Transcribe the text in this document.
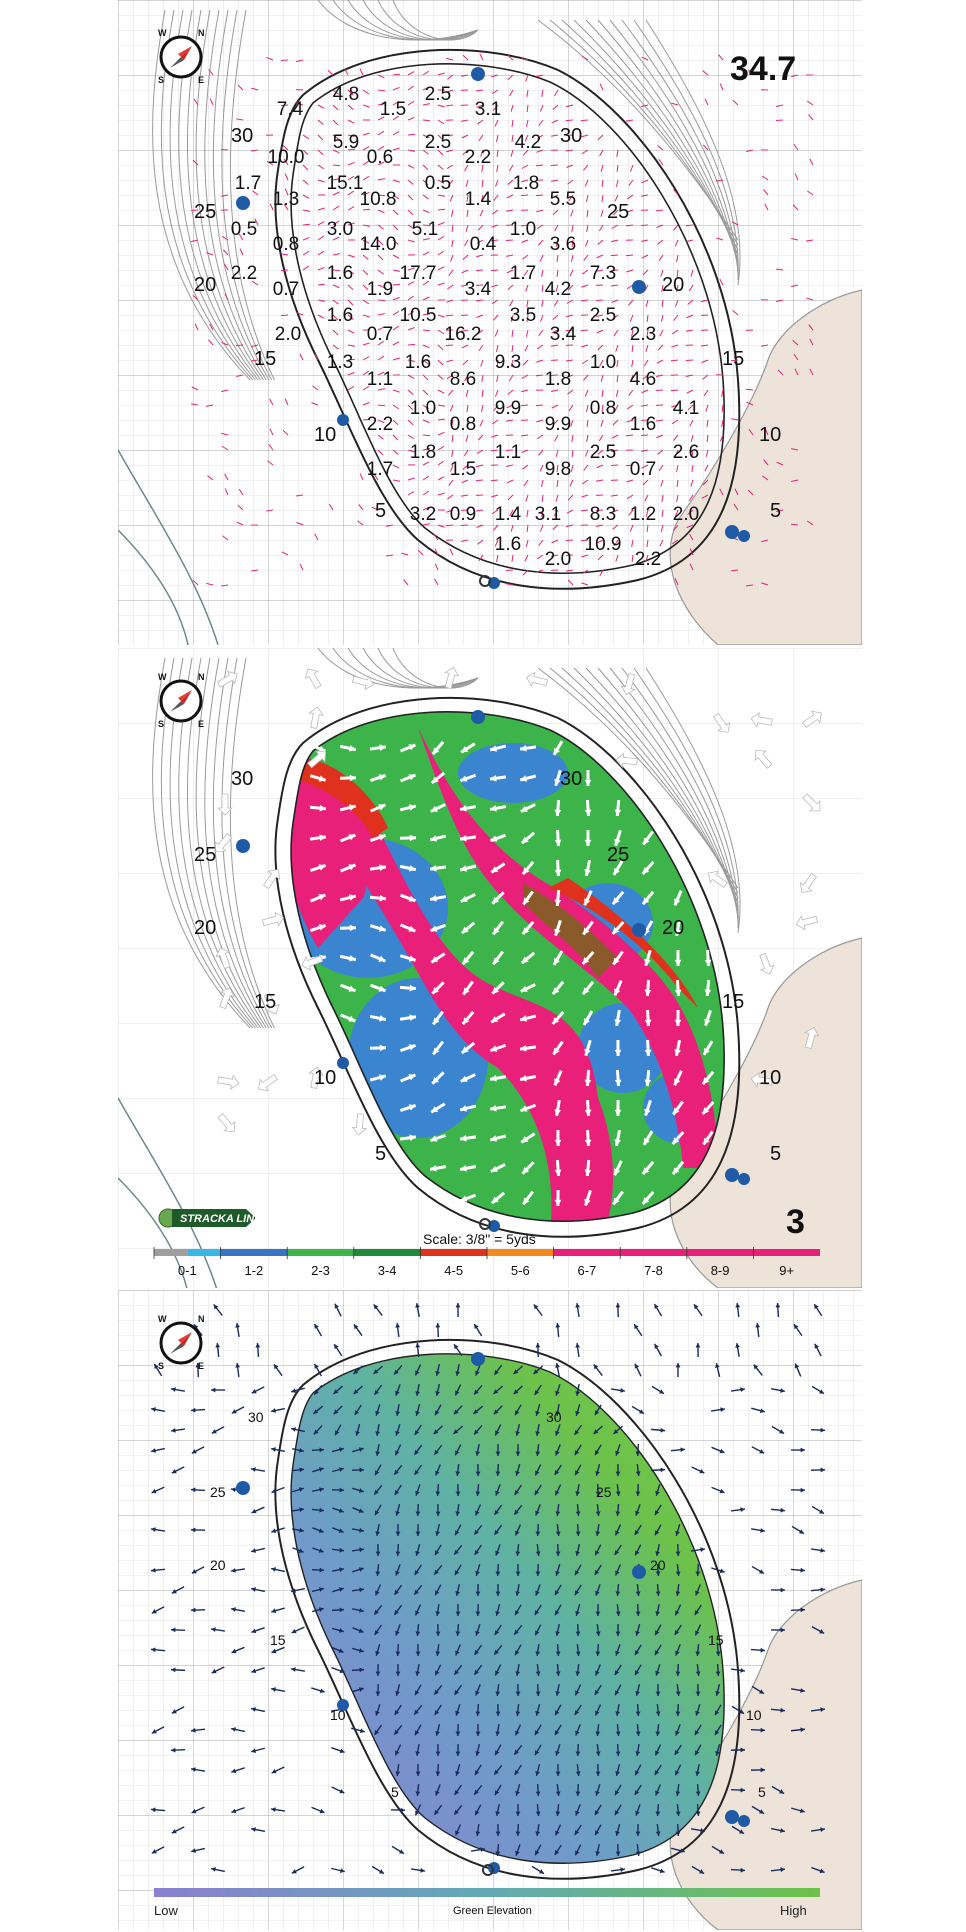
7.4
4.8	2.5
1.5	3.1
5.9	2.5	4.2
10.0	0.6	2.2
1.7	15.1	0.5	1.8
1.3	10.8	1.4	5.5
0.5	3.0	5.1	1.0
0.8	14.0	0.4	3.6
2.2	1.6 17.7	1.7	7.3
0.7	1.9	3.4	4.2
1.6 10.5	3.5	2.5
2.0	0.7	16.2	3.4	2.3
1.3	1.6	9.3	1.0
1.1	8.6	1.8	4.6
1.0	9.9	0.8	4.1
2.2	0.8	9.9	1.6
1.8	1.1	2.5	2.6
1.7	1.5	9.8	0.7
3.2	1.4	8.3	2.0
0.9	3.1	1.2
1.6	10.9
2.0	2.2
30
25
20
15
10
5
30
25
20
15
10
5
34.7
W	N
S	E
30
25
20
15
10
5
30
25
20
15
10
5
3
W	N
S	E
STRACKA LINE
Scale: 3/8" = 5yds
0-1	1-2	2-3	3-4	4-5	5-6	6-7	7-8	8-9	9+
30
25
20
15
10
5
30
25
20
15
10
5
W	N
S	E
Low	Green Elevation	High
